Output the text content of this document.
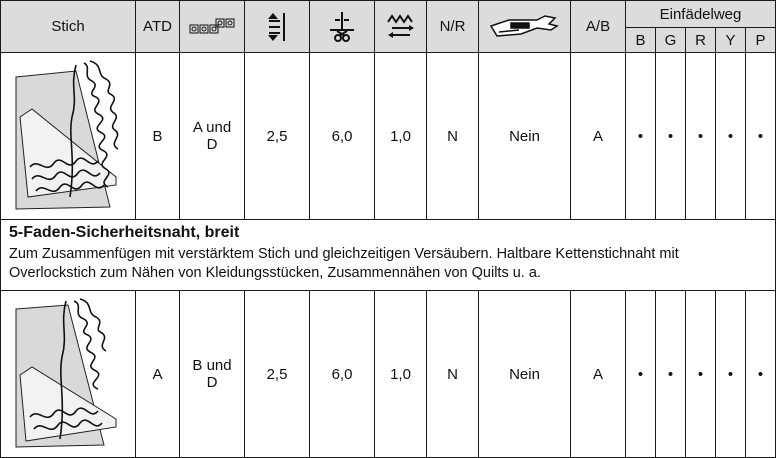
Stich	ATD					N/R		A/B	Einfädelweg				
									B	G	R	Y	P

	B	A und
D	2,5	6,0	1,0	N	Nein	A	•	•	•	•	•

5-Faden-Sicherheitsnaht, breit
Zum Zusammenfügen mit verstärktem Stich und gleichzeitigen Versäubern. Haltbare Kettenstichnaht mit Overlockstich zum Nähen von Kleidungsstücken, Zusammennähen von Quilts u. a.													

	A	B und
D	2,5	6,0	1,0	N	Nein	A	•	•	•	•	•
